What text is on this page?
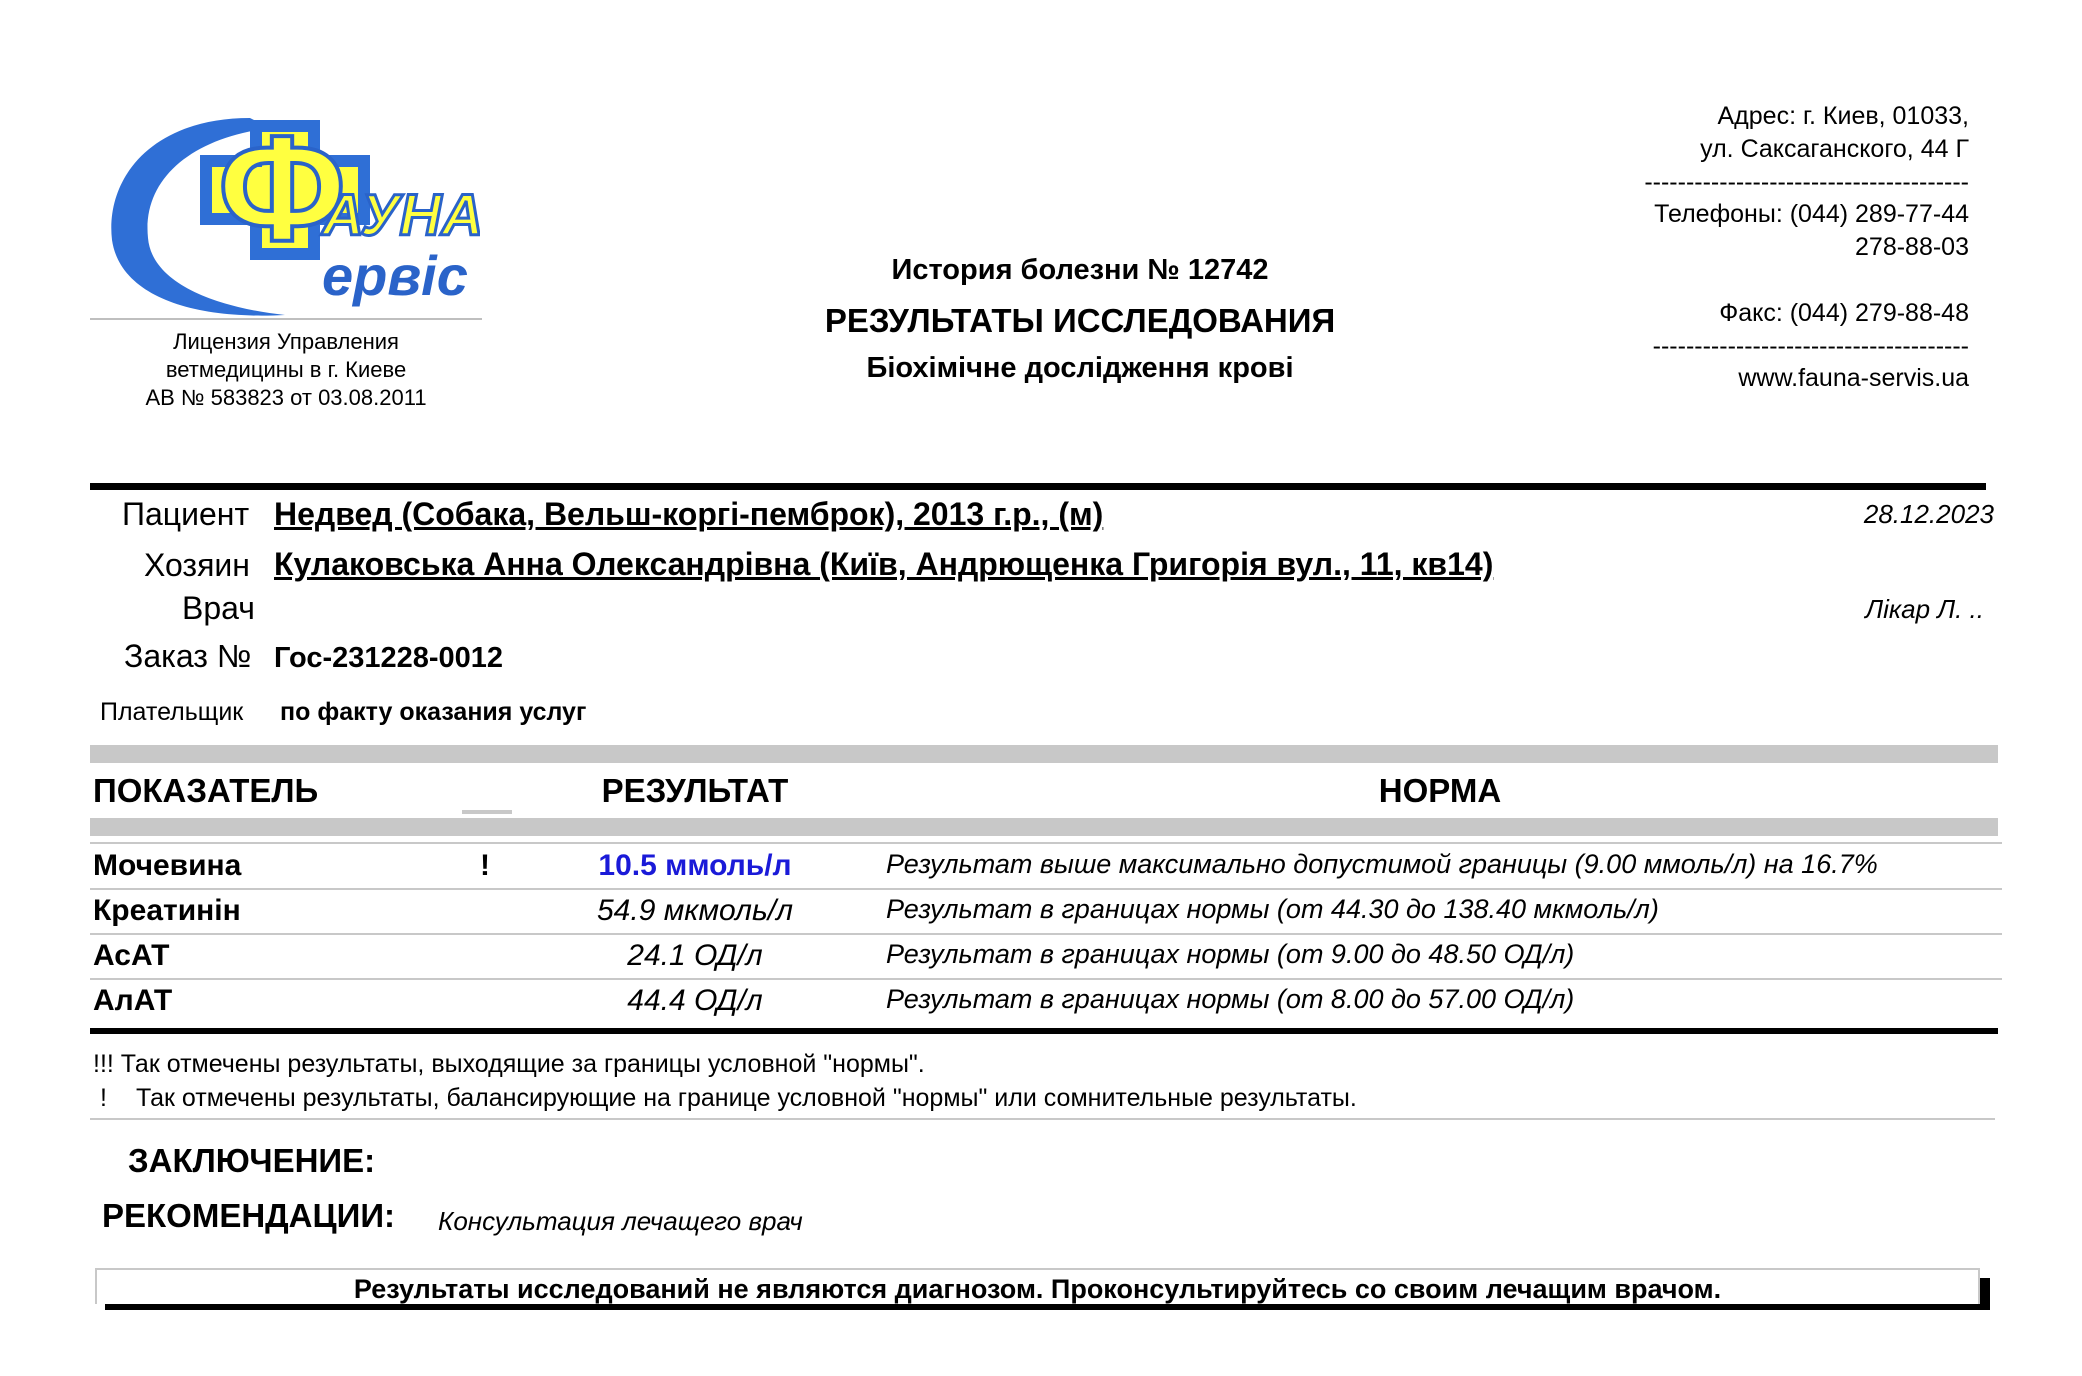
Ф
АУНА
ервіс
Лицензия Управления
ветмедицины в г. Киеве
АВ № 583823 от 03.08.2011
История болезни № 12742
РЕЗУЛЬТАТЫ ИССЛЕДОВАНИЯ
Біохімічне дослідження крові
Адрес: г. Киев, 01033,
ул. Саксаганского, 44 Г
---------------------------------------
Телефоны: (044) 289-77-44
278-88-03
Факс: (044) 279-88-48
--------------------------------------
www.fauna-servis.ua
Пациент Недвед (Собака, Вельш-коргі-пемброк), 2013 г.р., (м)	28.12.2023
Хозяин Кулаковська Анна Олександрівна (Київ, Андрющенка Григорія вул., 11, кв14)
Врач	Лікар Л. ..
Заказ № Гос-231228-0012
Плательщик по факту оказания услуг
ПОКАЗАТЕЛЬ	РЕЗУЛЬТАТ	НОРМА
Мочевина	!	10.5 ммоль/л	Результат выше максимально допустимой границы (9.00 ммоль/л) на 16.7%
Креатинін	54.9 мкмоль/л	Результат в границах нормы (от 44.30 до 138.40 мкмоль/л)
АсАТ	24.1 ОД/л	Результат в границах нормы (от 9.00 до 48.50 ОД/л)
АлАТ	44.4 ОД/л	Результат в границах нормы (от 8.00 до 57.00 ОД/л)
!!! Так отмечены результаты, выходящие за границы условной "нормы".
! Так отмечены результаты, балансирующие на границе условной "нормы" или сомнительные результаты.
ЗАКЛЮЧЕНИЕ:
РЕКОМЕНДАЦИИ: Консультация лечащего врач
Результаты исследований не являются диагнозом. Проконсультируйтесь со своим лечащим врачом.
